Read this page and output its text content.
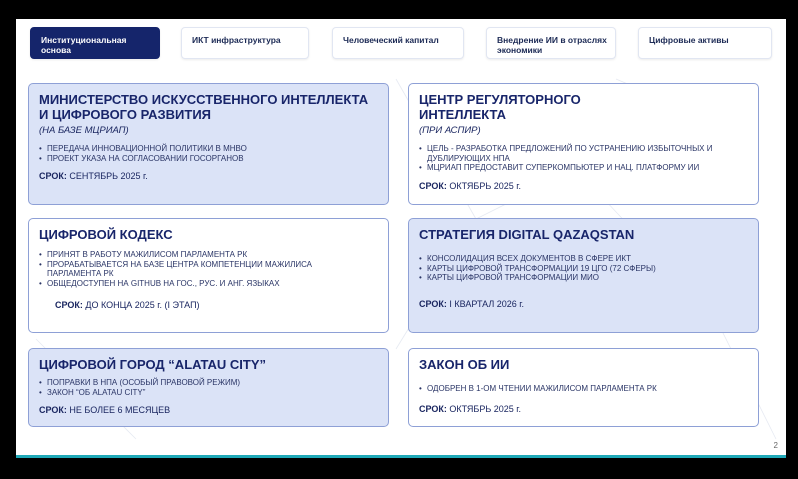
Институциональная основа
ИКТ инфраструктура	Человеческий капитал	Внедрение ИИ в отраслях экономики
Цифровые активы
МИНИСТЕРСТВО ИСКУССТВЕННОГО ИНТЕЛЛЕКТА И ЦИФРОВОГО РАЗВИТИЯ
(НА БАЗЕ МЦРИАП)
• ПЕРЕДАЧА ИННОВАЦИОННОЙ ПОЛИТИКИ В МНВО
• ПРОЕКТ УКАЗА НА СОГЛАСОВАНИИ ГОСОРГАНОВ
СРОК: СЕНТЯБРЬ 2025 г.
ЦЕНТР РЕГУЛЯТОРНОГО ИНТЕЛЛЕКТА
(ПРИ АСПИР)
• ЦЕЛЬ - РАЗРАБОТКА ПРЕДЛОЖЕНИЙ ПО УСТРАНЕНИЮ ИЗБЫТОЧНЫХ И ДУБЛИРУЮЩИХ НПА
• МЦРИАП ПРЕДОСТАВИТ СУПЕРКОМПЬЮТЕР И НАЦ. ПЛАТФОРМУ ИИ
СРОК: ОКТЯБРЬ 2025 г.
ЦИФРОВОЙ КОДЕКС
• ПРИНЯТ В РАБОТУ МАЖИЛИСОМ ПАРЛАМЕНТА РК
• ПРОРАБАТЫВАЕТСЯ НА БАЗЕ ЦЕНТРА КОМПЕТЕНЦИИ МАЖИЛИСА ПАРЛАМЕНТА РК
• ОБЩЕДОСТУПЕН НА GITHUB НА ГОС., РУС. И АНГ. ЯЗЫКАХ
СРОК: ДО КОНЦА 2025 г. (I ЭТАП)
СТРАТЕГИЯ DIGITAL QAZAQSTAN
• КОНСОЛИДАЦИЯ ВСЕХ ДОКУМЕНТОВ В СФЕРЕ ИКТ
• КАРТЫ ЦИФРОВОЙ ТРАНСФОРМАЦИИ 19 ЦГО (72 СФЕРЫ)
• КАРТЫ ЦИФРОВОЙ ТРАНСФОРМАЦИИ МИО
СРОК: I КВАРТАЛ 2026 г.
ЦИФРОВОЙ ГОРОД “ALATAU CITY”
• ПОПРАВКИ В НПА (ОСОБЫЙ ПРАВОВОЙ РЕЖИМ)
• ЗАКОН “ОБ ALATAU CITY”
СРОК: НЕ БОЛЕЕ 6 МЕСЯЦЕВ
ЗАКОН ОБ ИИ
• ОДОБРЕН В 1-ОМ ЧТЕНИИ МАЖИЛИСОМ ПАРЛАМЕНТА РК
СРОК: ОКТЯБРЬ 2025 г.
2
